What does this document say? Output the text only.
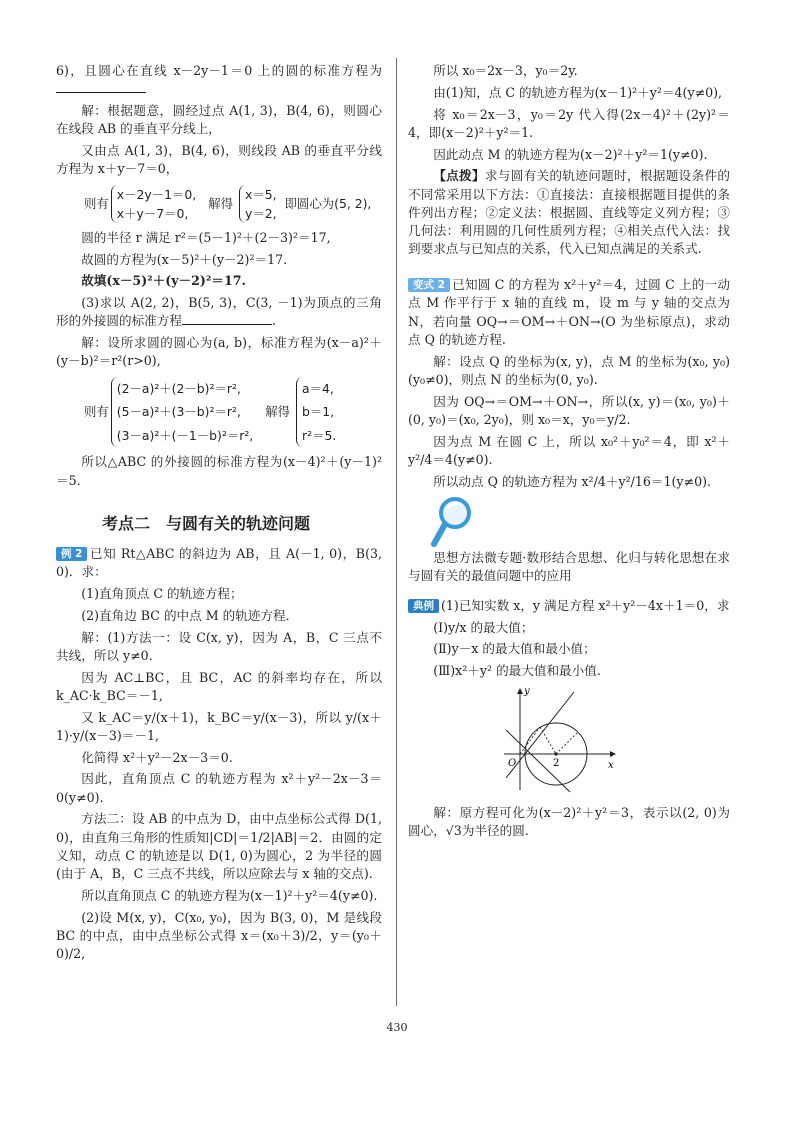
6)，且圆心在直线 x－2y－1＝0 上的圆的标准方程为

解：根据题意，圆经过点 A(1, 3)，B(4, 6)，则圆心在线段 AB 的垂直平分线上，

又由点 A(1, 3)，B(4, 6)，则线段 AB 的垂直平分线方程为 x＋y－7＝0，

则有
x－2y－1＝0,
x＋y－7＝0,
解得
x＝5,
y＝2,
即圆心为(5, 2),

圆的半径 r 满足 r²＝(5－1)²＋(2－3)²＝17,

故圆的方程为(x－5)²＋(y－2)²＝17.

故填(x－5)²＋(y－2)²＝17.

(3)求以 A(2, 2)，B(5, 3)，C(3, －1)为顶点的三角形的外接圆的标准方程	.

解：设所求圆的圆心为(a, b)，标准方程为(x－a)²＋(y－b)²＝r²(r>0),

则有
(2－a)²＋(2－b)²＝r²,
(5－a)²＋(3－b)²＝r²,
(3－a)²＋(－1－b)²＝r²,
解得
a＝4,
b＝1,
r²＝5.

所以△ABC 的外接圆的标准方程为(x－4)²＋(y－1)²＝5.

考点二　与圆有关的轨迹问题

例 2 已知 Rt△ABC 的斜边为 AB，且 A(－1, 0)，B(3, 0)．求：

(1)直角顶点 C 的轨迹方程；

(2)直角边 BC 的中点 M 的轨迹方程．

解：(1)方法一：设 C(x, y)，因为 A，B，C 三点不共线，所以 y≠0.

因为 AC⊥BC，且 BC，AC 的斜率均存在，所以 k_AC·k_BC＝－1,

又 k_AC＝y/(x＋1)，k_BC＝y/(x－3)，所以 y/(x＋1)·y/(x－3)＝－1,

化简得 x²＋y²－2x－3＝0.

因此，直角顶点 C 的轨迹方程为 x²＋y²－2x－3＝0(y≠0).

方法二：设 AB 的中点为 D，由中点坐标公式得 D(1, 0)，由直角三角形的性质知|CD|＝1/2|AB|＝2．由圆的定义知，动点 C 的轨迹是以 D(1, 0)为圆心，2 为半径的圆(由于 A，B，C 三点不共线，所以应除去与 x 轴的交点).

所以直角顶点 C 的轨迹方程为(x－1)²＋y²＝4(y≠0).

(2)设 M(x, y)，C(x₀, y₀)，因为 B(3, 0)，M 是线段 BC 的中点，由中点坐标公式得 x＝(x₀＋3)/2，y＝(y₀＋0)/2,

所以 x₀＝2x－3，y₀＝2y.

由(1)知，点 C 的轨迹方程为(x－1)²＋y²＝4(y≠0),

将 x₀＝2x－3，y₀＝2y 代入得(2x－4)²＋(2y)²＝4，即(x－2)²＋y²＝1.

因此动点 M 的轨迹方程为(x－2)²＋y²＝1(y≠0).

【点拨】求与圆有关的轨迹问题时，根据题设条件的不同常采用以下方法：①直接法：直接根据题目提供的条件列出方程；②定义法：根据圆、直线等定义列方程；③几何法：利用圆的几何性质列方程；④相关点代入法：找到要求点与已知点的关系，代入已知点满足的关系式.

变式 2 已知圆 C 的方程为 x²＋y²＝4，过圆 C 上的一动点 M 作平行于 x 轴的直线 m，设 m 与 y 轴的交点为 N，若向量 OQ→＝OM→＋ON→(O 为坐标原点)，求动点 Q 的轨迹方程.

解：设点 Q 的坐标为(x, y)，点 M 的坐标为(x₀, y₀)(y₀≠0)，则点 N 的坐标为(0, y₀).

因为 OQ→＝OM→＋ON→，所以(x, y)＝(x₀, y₀)＋(0, y₀)＝(x₀, 2y₀)，则 x₀＝x，y₀＝y/2.

因为点 M 在圆 C 上，所以 x₀²＋y₀²＝4，即 x²＋y²/4＝4(y≠0).

所以动点 Q 的轨迹方程为 x²/4＋y²/16＝1(y≠0).

思想方法微专题·数形结合思想、化归与转化思想在求与圆有关的最值问题中的应用

典例 (1)已知实数 x，y 满足方程 x²＋y²－4x＋1＝0，求

(Ⅰ)y/x 的最大值；

(Ⅱ)y－x 的最大值和最小值；

(Ⅲ)x²＋y² 的最大值和最小值.

y
x
O	2

解：原方程可化为(x－2)²＋y²＝3，表示以(2, 0)为圆心，√3为半径的圆.

430
